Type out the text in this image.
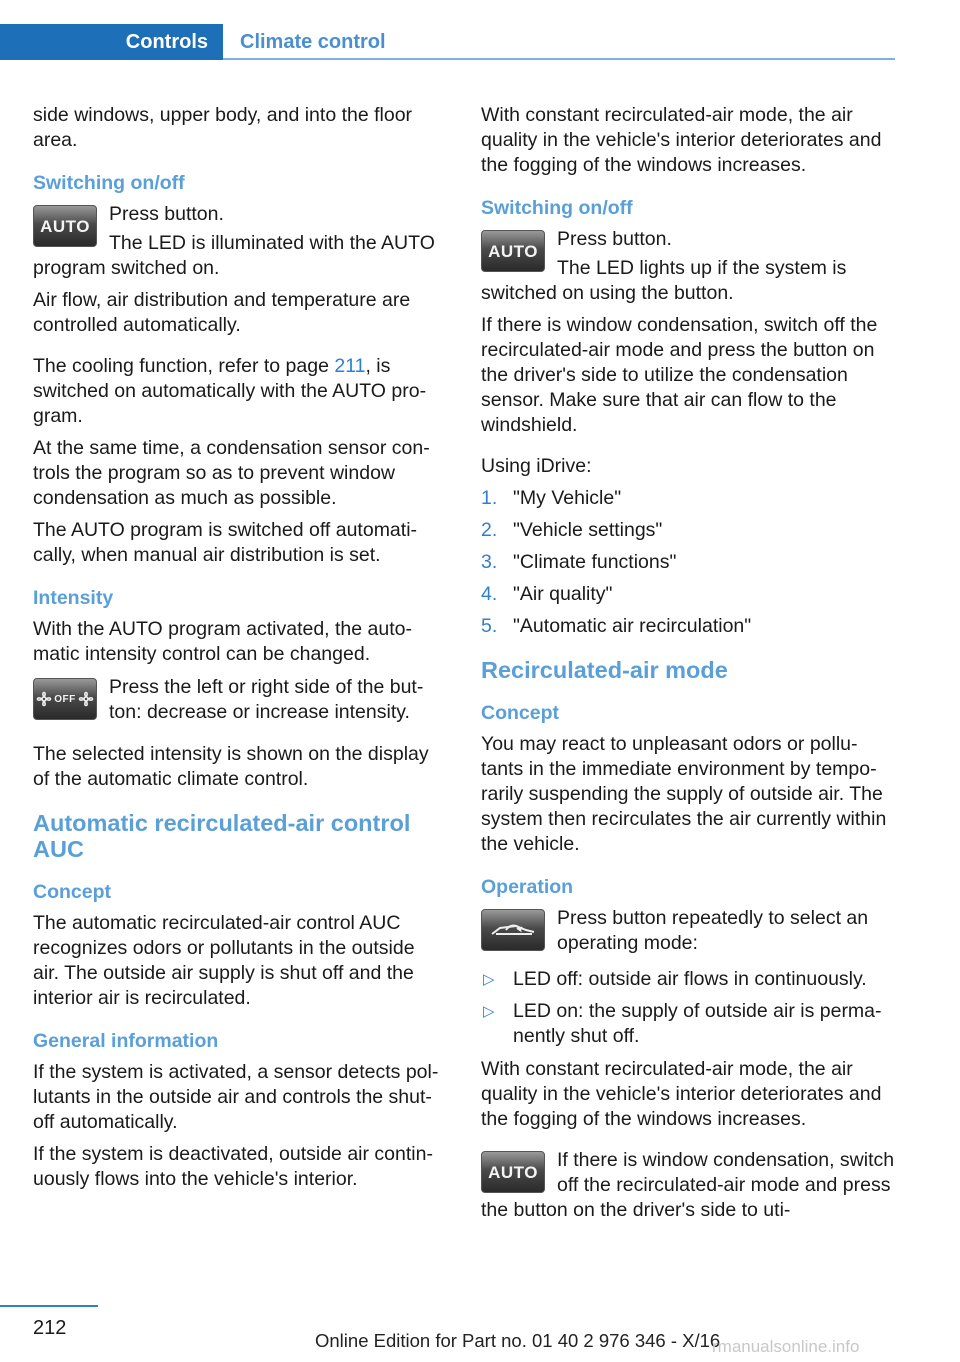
Controls Climate control

side windows, upper body, and into the floor area.

Switching on/off
AUTO

Press button.

The LED is illuminated with the AUTO program switched on.

Air flow, air distribution and temperature are controlled automatically.

The cooling function, refer to page 211, is switched on automatically with the AUTO pro- gram.

At the same time, a condensation sensor con- trols the program so as to prevent window condensation as much as possible.

The AUTO program is switched off automati- cally, when manual air distribution is set.

Intensity

With the AUTO program activated, the auto- matic intensity control can be changed.

OFF

Press the left or right side of the but- ton: decrease or increase intensity.

The selected intensity is shown on the display of the automatic climate control.

Automatic recirculated-air control AUC
Concept

The automatic recirculated-air control AUC recognizes odors or pollutants in the outside air. The outside air supply is shut off and the interior air is recirculated.

General information

If the system is activated, a sensor detects pol- lutants in the outside air and controls the shut- off automatically.

If the system is deactivated, outside air contin- uously flows into the vehicle's interior.

With constant recirculated-air mode, the air quality in the vehicle's interior deteriorates and the fogging of the windows increases.

Switching on/off
AUTO

Press button.

The LED lights up if the system is switched on using the button.

If there is window condensation, switch off the recirculated-air mode and press the button on the driver's side to utilize the condensation sensor. Make sure that air can flow to the windshield.

Using iDrive:

1. "My Vehicle"
2. "Vehicle settings"
3. "Climate functions"
4. "Air quality"
5. "Automatic air recirculation"
Recirculated-air mode
Concept

You may react to unpleasant odors or pollu- tants in the immediate environment by tempo- rarily suspending the supply of outside air. The system then recirculates the air currently within the vehicle.

Operation

Press button repeatedly to select an operating mode:

▷ LED off: outside air flows in continuously.
▷ LED on: the supply of outside air is perma- nently shut off.

With constant recirculated-air mode, the air quality in the vehicle's interior deteriorates and the fogging of the windows increases.

AUTO

If there is window condensation, switch off the recirculated-air mode and press the button on the driver's side to uti-

212
Online Edition for Part no. 01 40 2 976 346 - X/16
rmanualsonline.info
